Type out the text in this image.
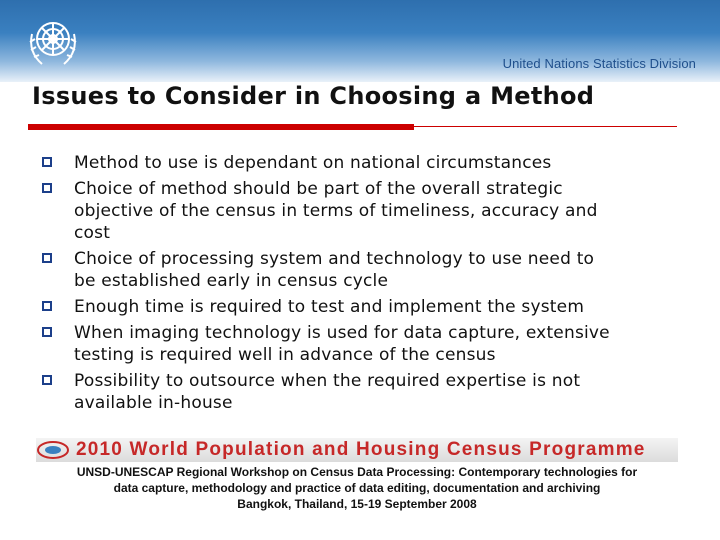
United Nations Statistics Division
Issues to Consider in Choosing a Method
Method to use is dependant on national circumstances
Choice of method should be part of the overall strategic
objective of the census in terms of timeliness, accuracy and
cost
Choice of processing system and technology to use need to
be established early in census cycle
Enough time is required to test and implement the system
When imaging technology is used for data capture, extensive
testing is required well in advance of the census
Possibility to outsource when the required expertise is not
available in-house
2010 World Population and Housing Census Programme

UNSD-UNESCAP Regional Workshop on Census Data Processing: Contemporary technologies for

data capture, methodology and practice of data editing, documentation and archiving

Bangkok, Thailand, 15-19 September 2008
